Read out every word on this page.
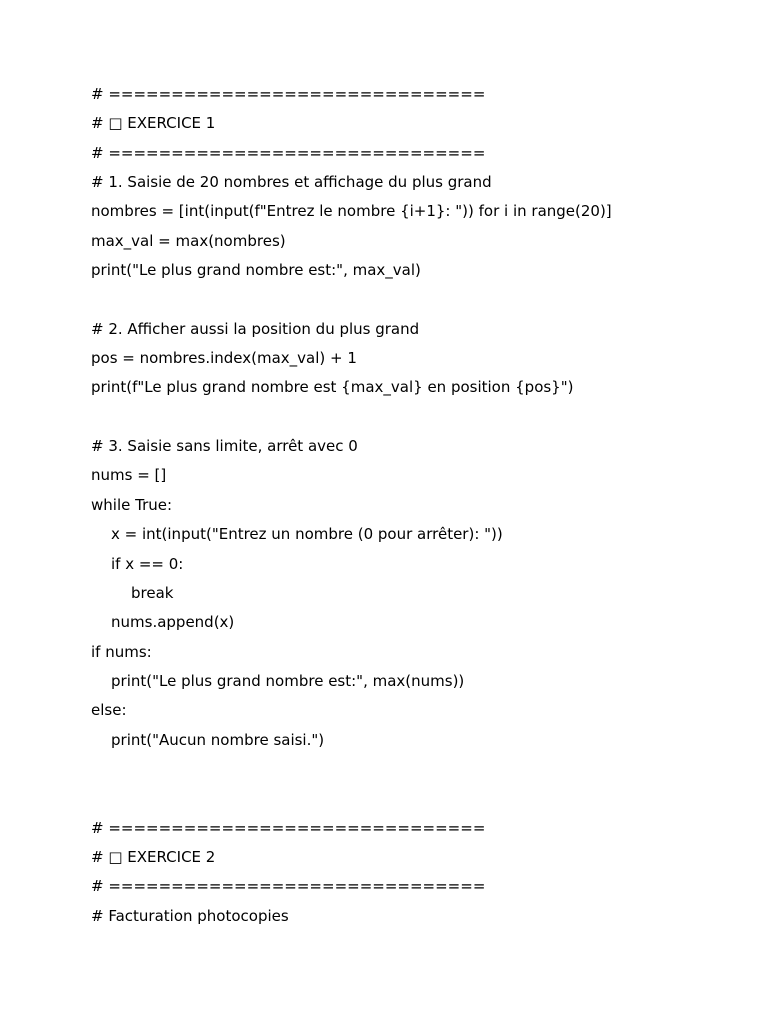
# ==============================
# □ EXERCICE 1
# ==============================
# 1. Saisie de 20 nombres et affichage du plus grand
nombres = [int(input(f"Entrez le nombre {i+1}: ")) for i in range(20)]
max_val = max(nombres)
print("Le plus grand nombre est:", max_val)
# 2. Afficher aussi la position du plus grand
pos = nombres.index(max_val) + 1
print(f"Le plus grand nombre est {max_val} en position {pos}")
# 3. Saisie sans limite, arrêt avec 0
nums = []
while True:
x = int(input("Entrez un nombre (0 pour arrêter): "))
if x == 0:
break
nums.append(x)
if nums:
print("Le plus grand nombre est:", max(nums))
else:
print("Aucun nombre saisi.")
# ==============================
# □ EXERCICE 2
# ==============================
# Facturation photocopies
